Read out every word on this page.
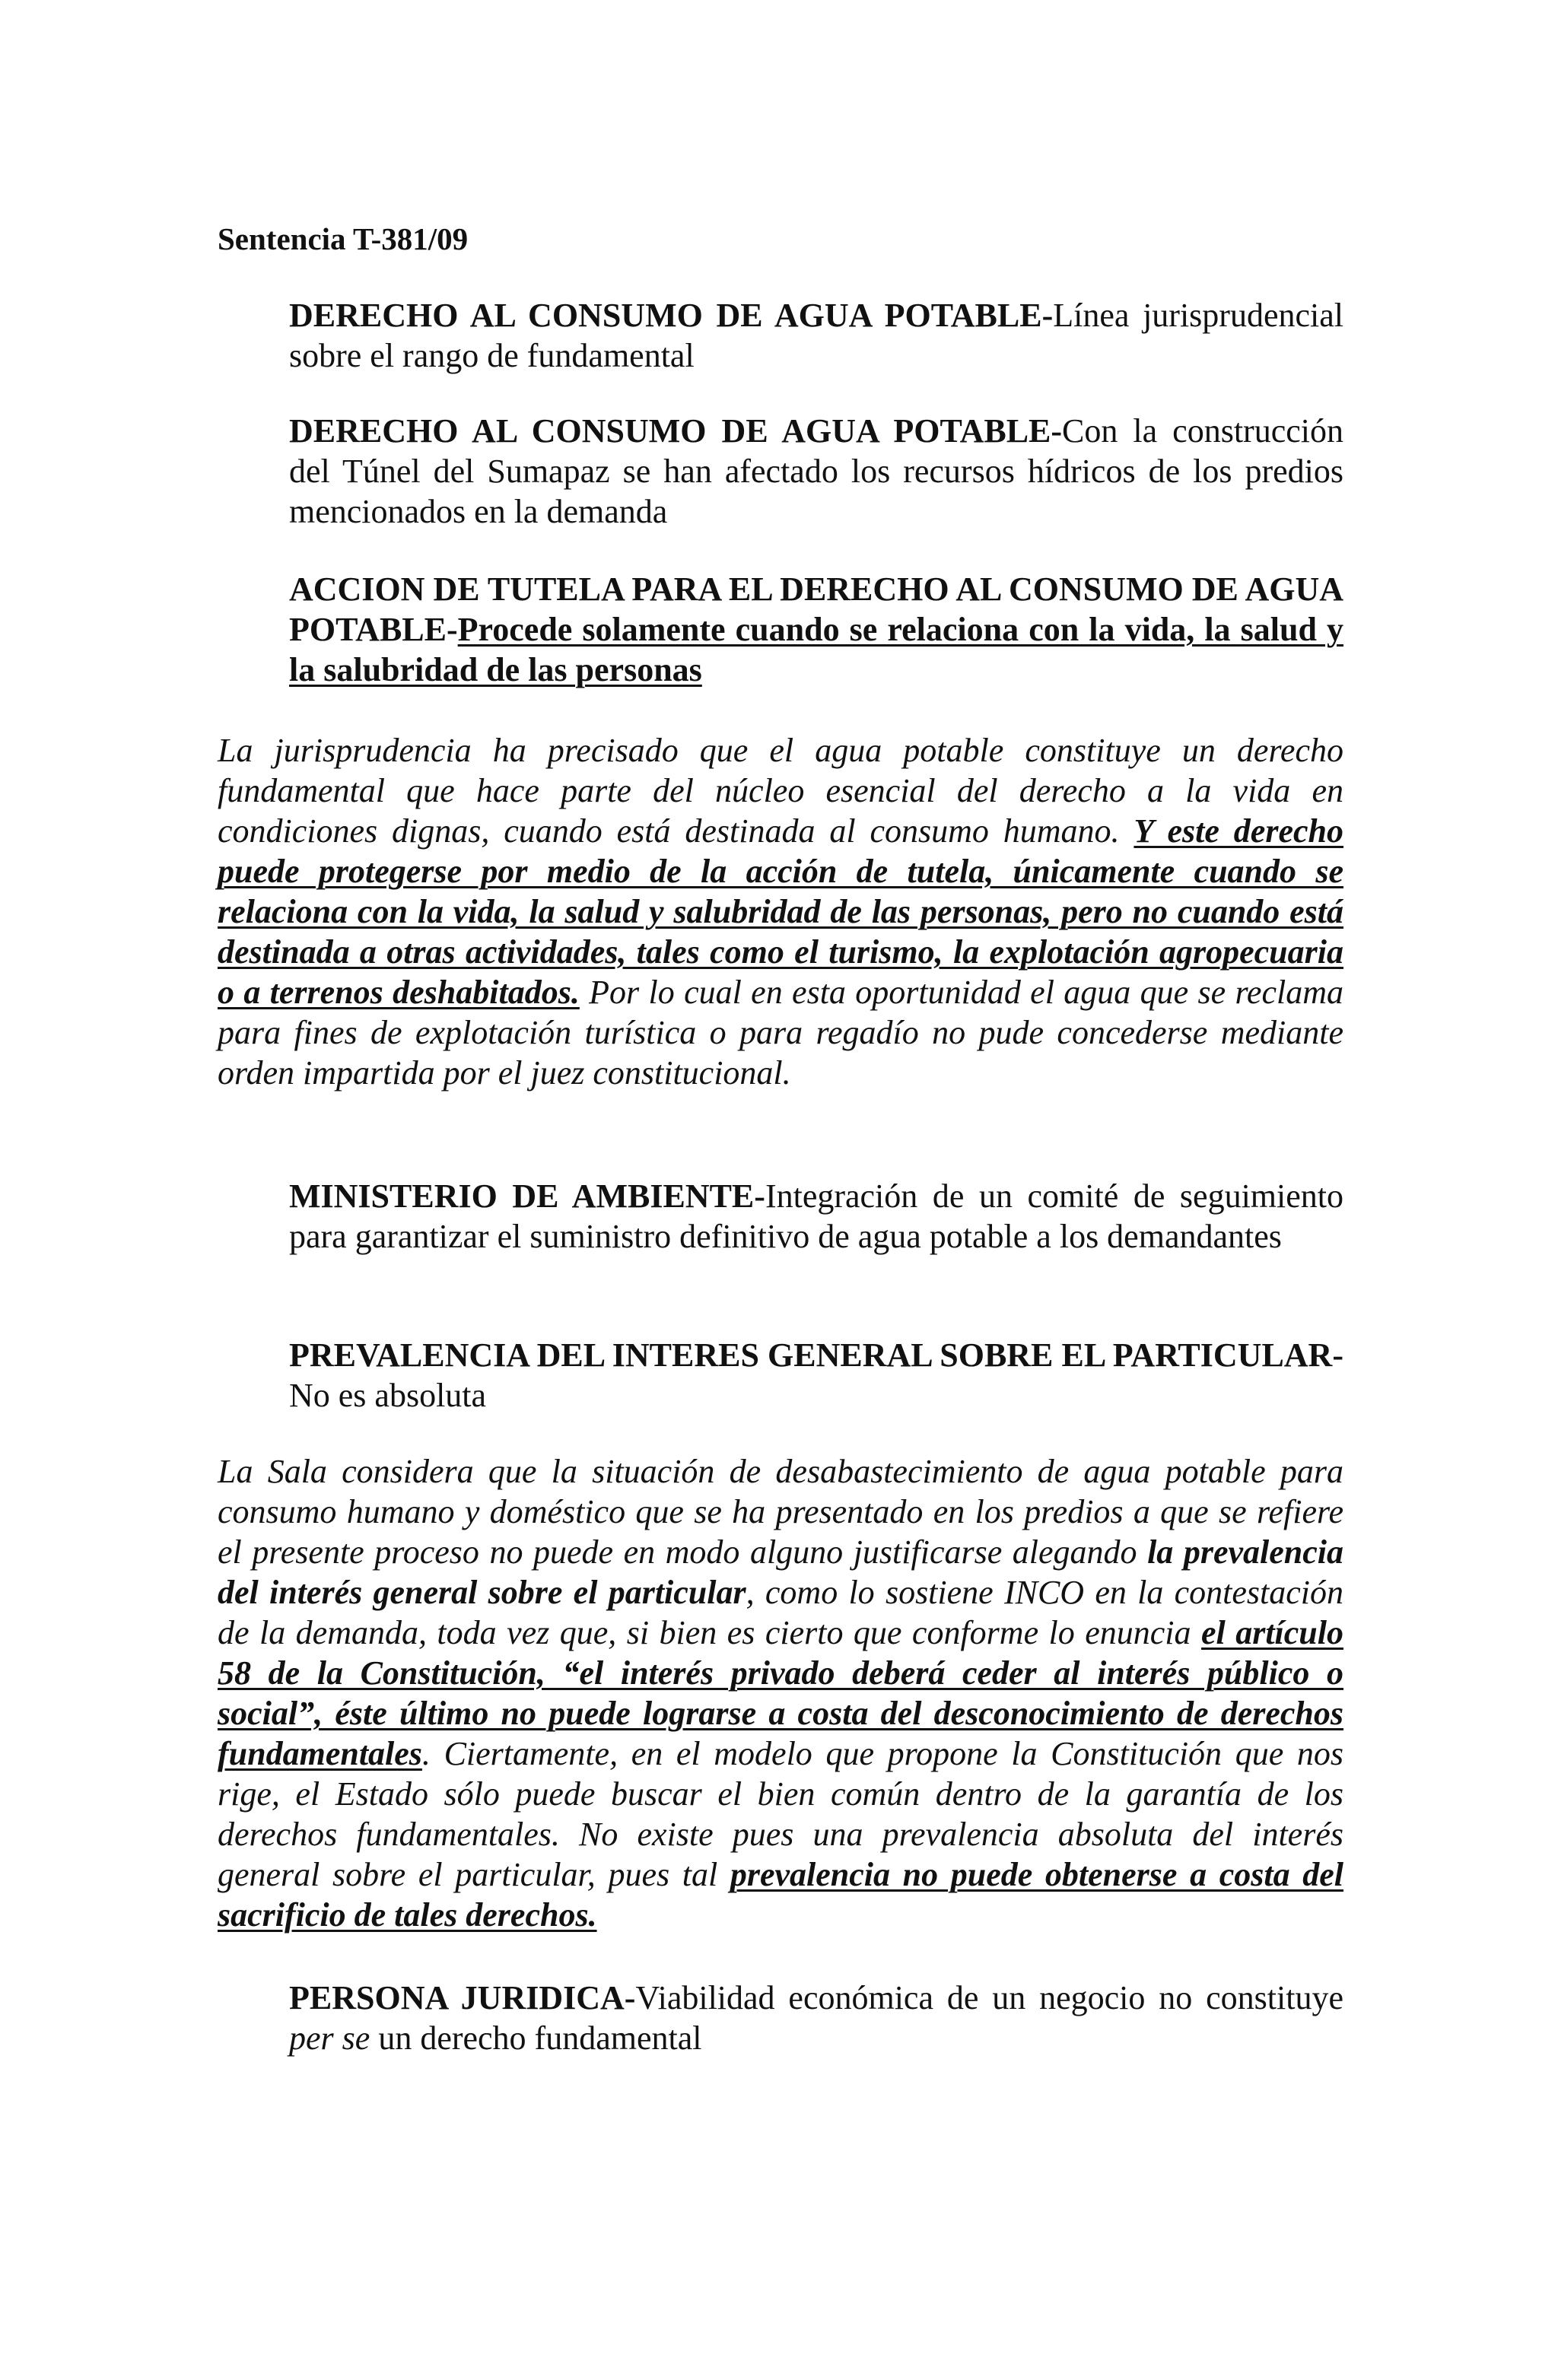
Sentencia T-381/09

DERECHO AL CONSUMO DE AGUA POTABLE-Línea jurisprudencial sobre el rango de fundamental

DERECHO AL CONSUMO DE AGUA POTABLE-Con la construcción del Túnel del Sumapaz se han afectado los recursos hídricos de los predios mencionados en la demanda

ACCION DE TUTELA PARA EL DERECHO AL CONSUMO DE AGUA POTABLE-Procede solamente cuando se relaciona con la vida, la salud y la salubridad de las personas

La jurisprudencia ha precisado que el agua potable constituye un derecho fundamental que hace parte del núcleo esencial del derecho a la vida en condiciones dignas, cuando está destinada al consumo humano. Y este derecho puede protegerse por medio de la acción de tutela, únicamente cuando se relaciona con la vida, la salud y salubridad de las personas, pero no cuando está destinada a otras actividades, tales como el turismo, la explotación agropecuaria o a terrenos deshabitados. Por lo cual en esta oportunidad el agua que se reclama para fines de explotación turística o para regadío no pude concederse mediante orden impartida por el juez constitucional.

MINISTERIO DE AMBIENTE-Integración de un comité de seguimiento para garantizar el suministro definitivo de agua potable a los demandantes

PREVALENCIA DEL INTERES GENERAL SOBRE EL PARTICULAR-No es absoluta

La Sala considera que la situación de desabastecimiento de agua potable para consumo humano y doméstico que se ha presentado en los predios a que se refiere el presente proceso no puede en modo alguno justificarse alegando la prevalencia del interés general sobre el particular, como lo sostiene INCO en la contestación de la demanda, toda vez que, si bien es cierto que conforme lo enuncia el artículo 58 de la Constitución, “el interés privado deberá ceder al interés público o social”, éste último no puede lograrse a costa del desconocimiento de derechos fundamentales. Ciertamente, en el modelo que propone la Constitución que nos rige, el Estado sólo puede buscar el bien común dentro de la garantía de los derechos fundamentales. No existe pues una prevalencia absoluta del interés general sobre el particular, pues tal prevalencia no puede obtenerse a costa del sacrificio de tales derechos.

PERSONA JURIDICA-Viabilidad económica de un negocio no constituye per se un derecho fundamental
